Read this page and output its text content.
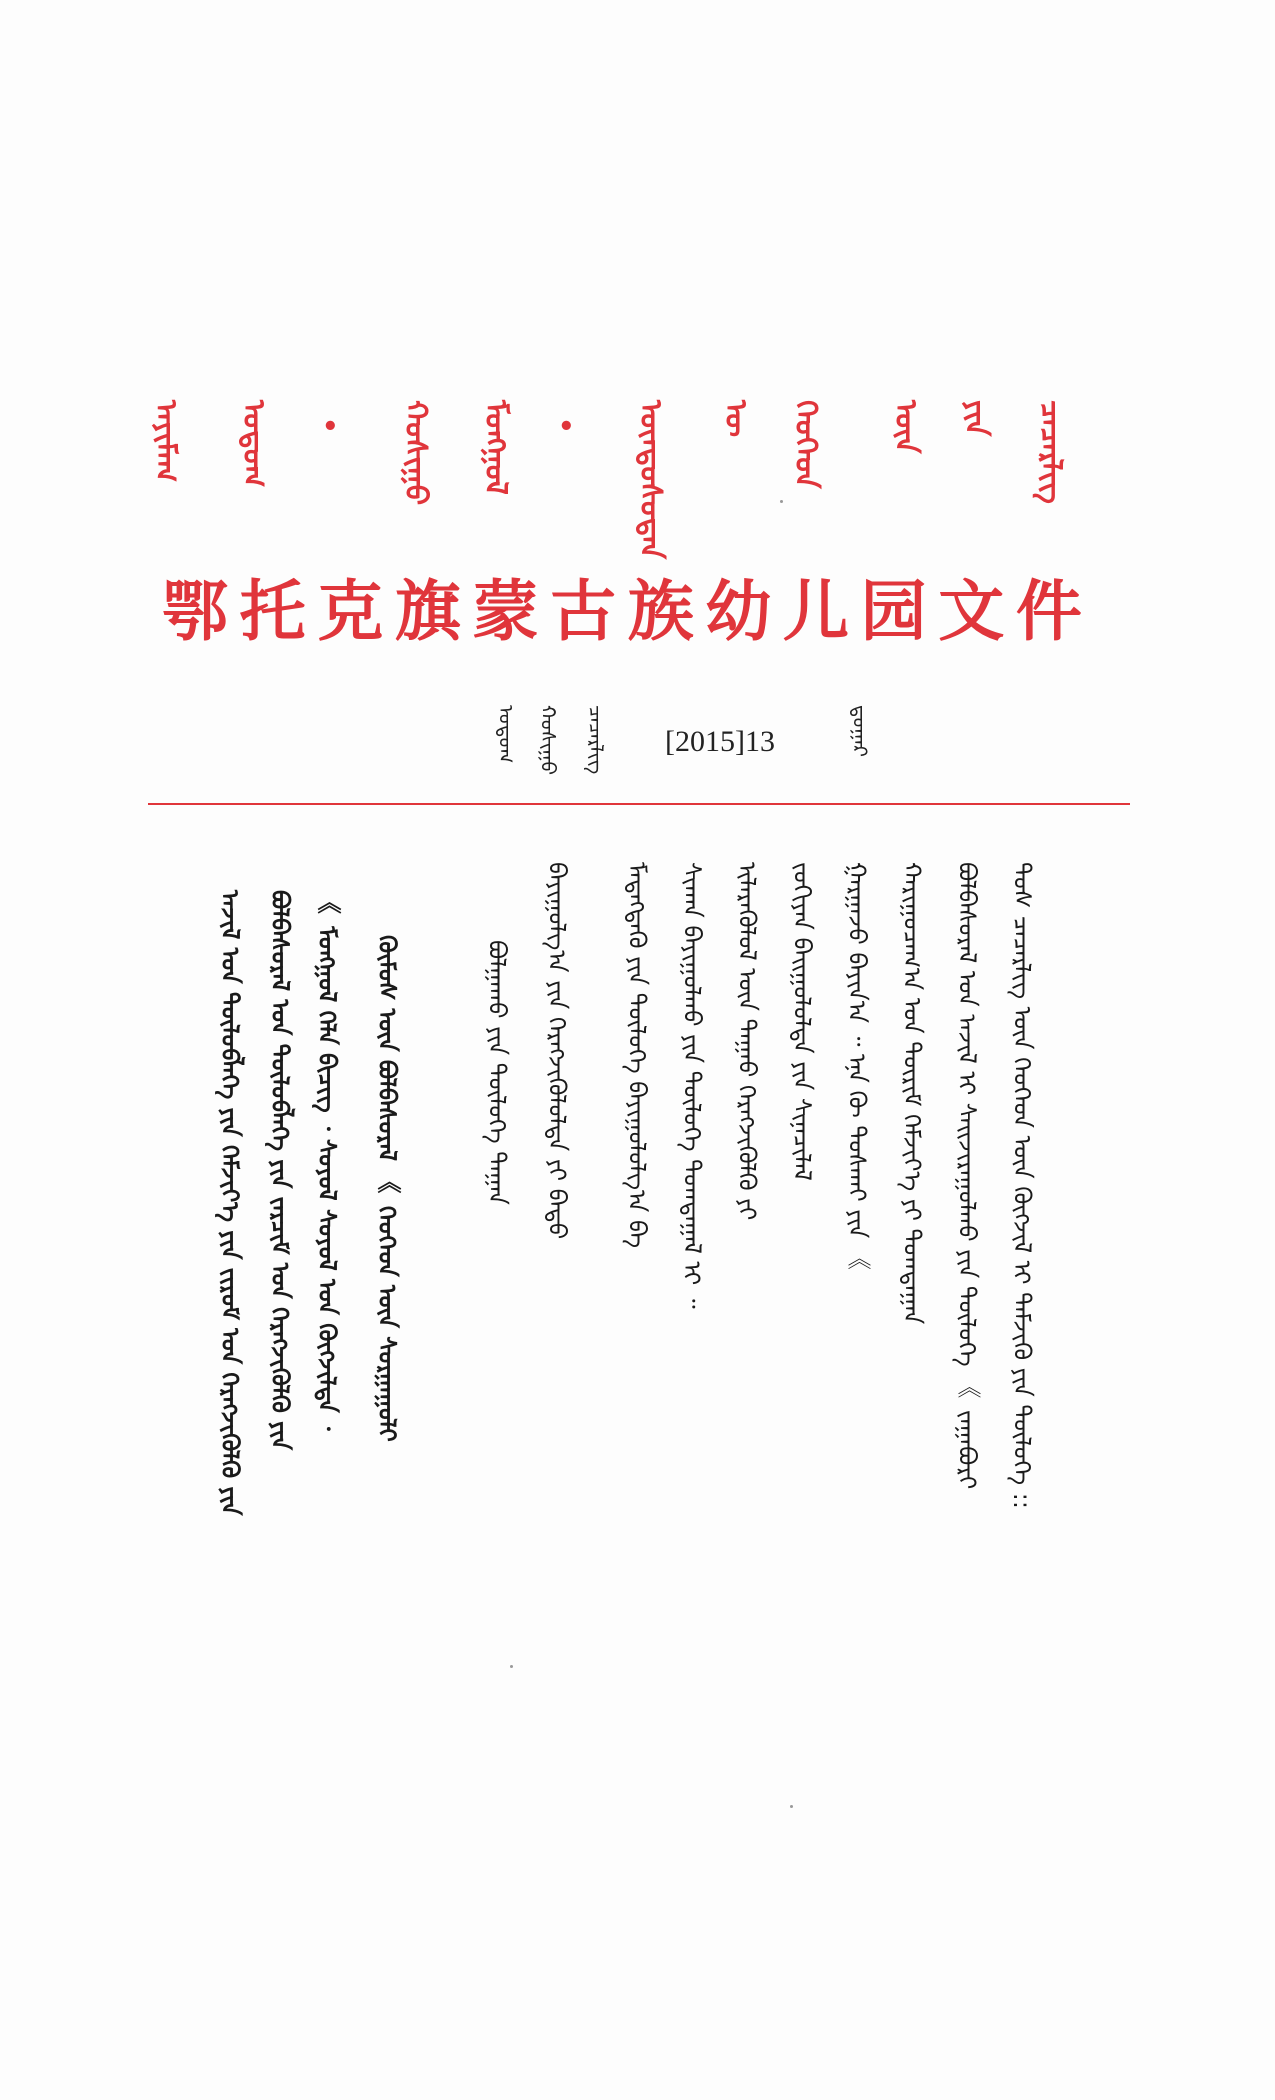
ᠠᠶᠢᠮᠠᠭ ᠣᠲᠣᠭ • ᠬᠣᠰᠢᠭᠤ ᠮᠣᠩᠭᠣᠯ • ᠦᠨᠳᠦᠰᠦᠲᠡᠨ ᠦ ᠬᠡᠦᠬᠡᠳ ᠦᠨ ᠶᠢᠨ ᠴᠡᠴᠡᠷᠯᠢᠭ
鄂 托 克 旗 蒙 古 族 幼 儿 园 文 件
ᠣᠲᠣᠭ ᠬᠣᠰᠢᠭᠤ ᠴᠡᠴᠡᠷᠯᠢᠭ [2015]13	ᠳ᠋ᠤᠭᠠᠷ
ᠲᠤᠰ ᠴᠡᠴᠡᠷᠯᠢᠭ ᠦᠨ ᠬᠡᠦᠬᠡᠳ ᠦᠨ ᠬᠥᠭᠵᠢᠯ ᠢ ᠳᠡᠮᠵᠢᠬᠦ ᠶᠢᠨ ᠲᠥᠯᠦᠭᠡ ::
ᠪᠣᠯᠪᠠᠰᠤᠷᠠᠯ ᠤᠨ ᠠᠵᠢᠯ ᠢ ᠰᠠᠢᠵᠢᠷᠠᠭᠤᠯᠬᠤ ᠶᠢᠨ ᠲᠥᠯᠦᠭᠡ 《 ᠵᠠᠭᠠᠪᠤᠷᠢ
ᠬᠠᠷᠢᠭᠤᠴᠠᠭ᠎ᠠ ᠤᠨ ᠳᠦᠷᠢᠮ ᠬᠡᠮᠵᠢᠶ᠎ᠡ ᠶᠢ ᠲᠣᠭᠲᠠᠭᠠᠨ
ᠭᠠᠷᠭᠠᠵᠤ ᠪᠠᠶᠢᠨ᠎ᠠ ᠃ ᠡᠨᠡ ᠬᠦ ᠲᠤᠰᠬᠠᠢ ᠶᠢᠨ 《
ᠵᠣᠬᠢᠶᠠᠨ ᠪᠠᠢᠭᠤᠯᠤᠯᠲᠠ ᠶᠢᠨ ᠰᠢᠨᠡᠴᠢᠯᠡᠯ
ᠢᠯᠡᠷᠡᠭᠦᠯᠦᠯ ᠦᠨ ᠳᠠᠭᠠᠤ ᠬᠡᠷᠡᠭᠵᠢᠭᠦᠯᠬᠦ ᠶᠢ
ᠰᠢᠬᠠᠨ ᠪᠠᠶᠢᠭᠤᠯᠬᠤ ᠶᠢᠨ ᠲᠥᠯᠦᠭᠡ ᠲᠣᠭᠲᠠᠭᠠᠯ ᠢ ᠃
ᠮᠡᠳᠡᠭᠳᠡᠬᠦ ᠶᠢᠨ ᠲᠥᠯᠦᠭᠡ ᠪᠠᠶᠢᠭᠤᠯᠤᠯᠭ᠎ᠠ ᠪᠠ
ᠪᠠᠶᠢᠭᠤᠯᠭ᠎ᠠ ᠶᠢᠨ ᠬᠡᠷᠡᠭᠵᠢᠭᠦᠯᠦᠯᠲᠡ ᠶᠢ ᠪᠠᠲᠤ
ᠪᠣᠯᠭᠠᠬᠤ ᠶᠢᠨ ᠲᠥᠯᠦᠭᠡ ᠳᠠᠭᠠᠨ
ᠬᠦᠮᠦᠰ ᠦᠨ ᠪᠣᠯᠪᠠᠰᠤᠷᠠᠯ 《 ᠬᠡᠦᠬᠡᠳ ᠦᠨ ᠰᠤᠷᠭᠠᠭᠤᠯᠢ
《 ᠮᠣᠩᠭᠣᠯ ᠬᠡᠯᠡ ᠪᠢᠴᠢᠭ ᠂ ᠰᠣᠶᠣᠯ ᠰᠣᠶᠣᠯ ᠤᠨ ᠬᠥᠭᠵᠢᠯᠲᠡ ᠂
ᠪᠣᠯᠪᠠᠰᠤᠷᠠᠯ ᠤᠨ ᠲᠥᠯᠦᠪᠯᠡᠭᠡ ᠶᠢᠨ ᠵᠠᠷᠴᠢᠮ ᠤᠨ ᠬᠡᠷᠡᠭᠵᠢᠭᠦᠯᠬᠦ ᠶᠢᠨ
ᠠᠵᠢᠯ ᠤᠨ ᠲᠥᠯᠦᠪᠯᠡᠭᠡ ᠶᠢᠨ ᠬᠡᠮᠵᠢᠶ᠎ᠡ ᠶᠢᠨ ᠵᠢᠷᠤᠮ ᠤᠨ ᠬᠡᠷᠡᠭᠵᠢᠭᠦᠯᠬᠦ ᠶᠢᠨ
